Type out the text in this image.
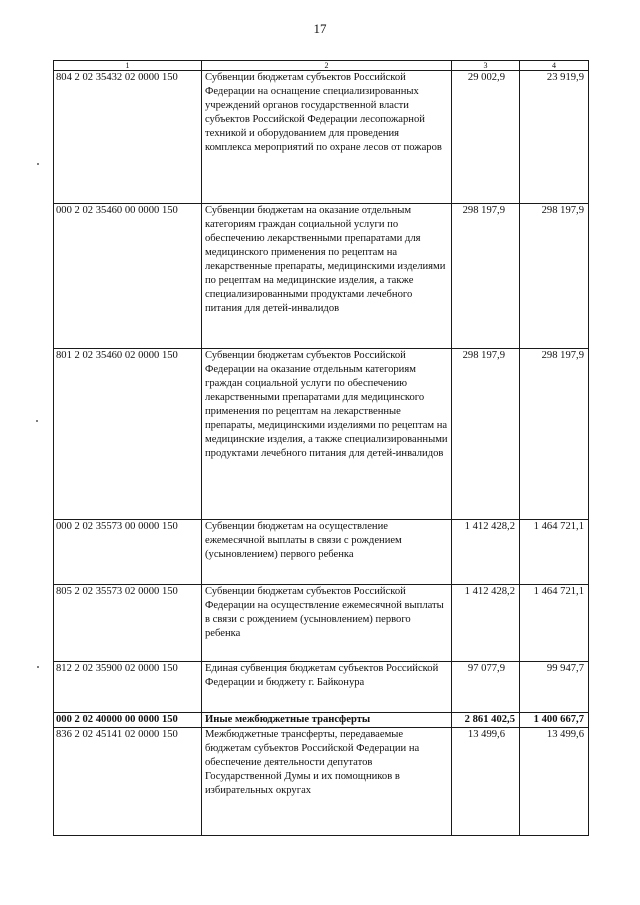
17
1	2	3	4
804 2 02 35432 02 0000 150	Субвенции бюджетам субъектов Российской Федерации на оснащение специализированных учреждений органов государственной власти субъектов Российской Федерации лесопожарной техникой и оборудованием для проведения комплекса мероприятий по охране лесов от пожаров	29 002,9	23 919,9
000 2 02 35460 00 0000 150	Субвенции бюджетам на оказание отдельным категориям граждан социальной услуги по обеспечению лекарственными препаратами для медицинского применения по рецептам на лекарственные препараты, медицинскими изделиями по рецептам на медицинские изделия, а также специализированными продуктами лечебного питания для детей-инвалидов	298 197,9	298 197,9
801 2 02 35460 02 0000 150	Субвенции бюджетам субъектов Российской Федерации на оказание отдельным категориям граждан социальной услуги по обеспечению лекарственными препаратами для медицинского применения по рецептам на лекарственные препараты, медицинскими изделиями по рецептам на медицинские изделия, а также специализированными продуктами лечебного питания для детей-инвалидов	298 197,9	298 197,9
000 2 02 35573 00 0000 150	Субвенции бюджетам на осуществление ежемесячной выплаты в связи с рождением (усыновлением) первого ребенка	1 412 428,2	1 464 721,1
805 2 02 35573 02 0000 150	Субвенции бюджетам субъектов Российской Федерации на осуществление ежемесячной выплаты в связи с рождением (усыновлением) первого ребенка	1 412 428,2	1 464 721,1
812 2 02 35900 02 0000 150	Единая субвенция бюджетам субъектов Российской Федерации и бюджету г. Байконура	97 077,9	99 947,7
000 2 02 40000 00 0000 150	Иные межбюджетные трансферты	2 861 402,5	1 400 667,7
836 2 02 45141 02 0000 150	Межбюджетные трансферты, передаваемые бюджетам субъектов Российской Федерации на обеспечение деятельности депутатов Государственной Думы и их помощников в избирательных округах	13 499,6	13 499,6
